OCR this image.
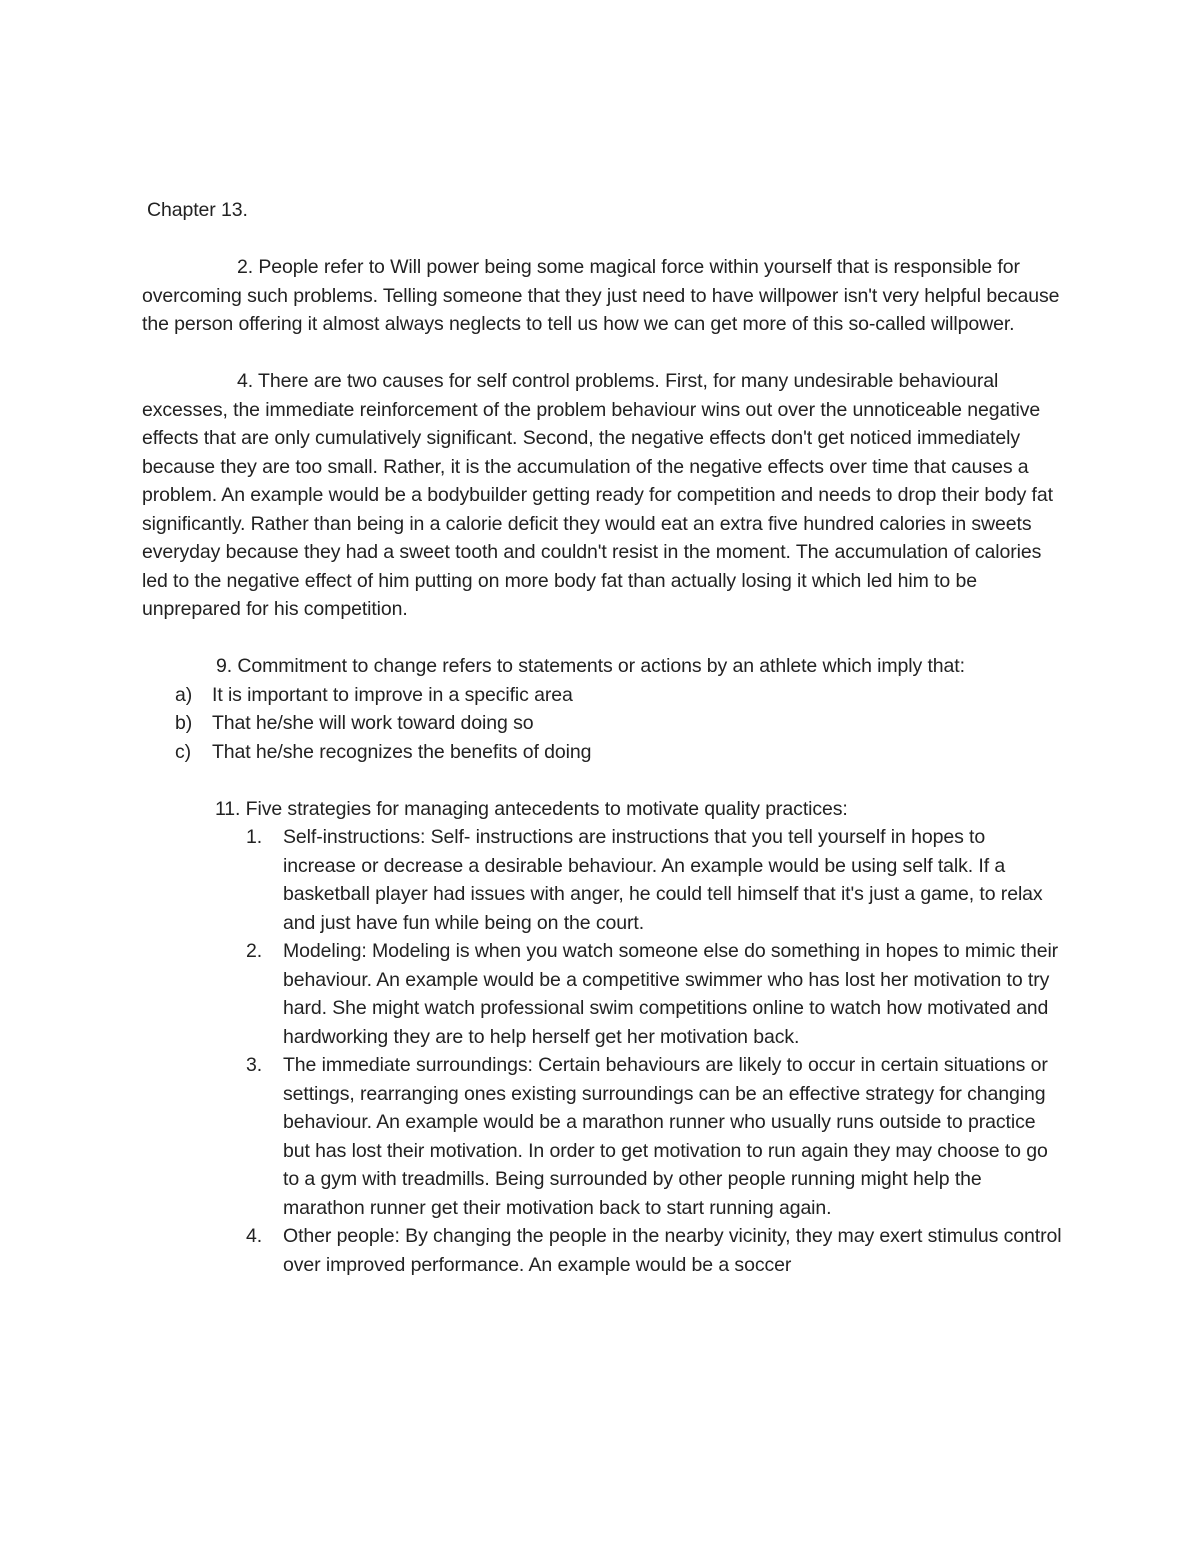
Chapter 13.

2. People refer to Will power being some magical force within yourself that is responsible for overcoming such problems. Telling someone that they just need to have willpower isn't very helpful because the person offering it almost always neglects to tell us how we can get more of this so-called willpower.

4. There are two causes for self control problems. First, for many undesirable behavioural excesses, the immediate reinforcement of the problem behaviour wins out over the unnoticeable negative effects that are only cumulatively significant. Second, the negative effects don't get noticed immediately because they are too small. Rather, it is the accumulation of the negative effects over time that causes a problem. An example would be a bodybuilder getting ready for competition and needs to drop their body fat significantly. Rather than being in a calorie deficit they would eat an extra five hundred calories in sweets everyday because they had a sweet tooth and couldn't resist in the moment. The accumulation of calories led to the negative effect of him putting on more body fat than actually losing it which led him to be unprepared for his competition.

9. Commitment to change refers to statements or actions by an athlete which imply that:

a) It is important to improve in a specific area
b) That he/she will work toward doing so
c) That he/she recognizes the benefits of doing

11. Five strategies for managing antecedents to motivate quality practices:

1. Self-instructions: Self- instructions are instructions that you tell yourself in hopes to increase or decrease a desirable behaviour. An example would be using self talk. If a basketball player had issues with anger, he could tell himself that it's just a game, to relax and just have fun while being on the court.
2. Modeling: Modeling is when you watch someone else do something in hopes to mimic their behaviour. An example would be a competitive swimmer who has lost her motivation to try hard. She might watch professional swim competitions online to watch how motivated and hardworking they are to help herself get her motivation back.
3. The immediate surroundings: Certain behaviours are likely to occur in certain situations or settings, rearranging ones existing surroundings can be an effective strategy for changing behaviour. An example would be a marathon runner who usually runs outside to practice but has lost their motivation. In order to get motivation to run again they may choose to go to a gym with treadmills. Being surrounded by other people running might help the marathon runner get their motivation back to start running again.
4. Other people: By changing the people in the nearby vicinity, they may exert stimulus control over improved performance. An example would be a soccer
